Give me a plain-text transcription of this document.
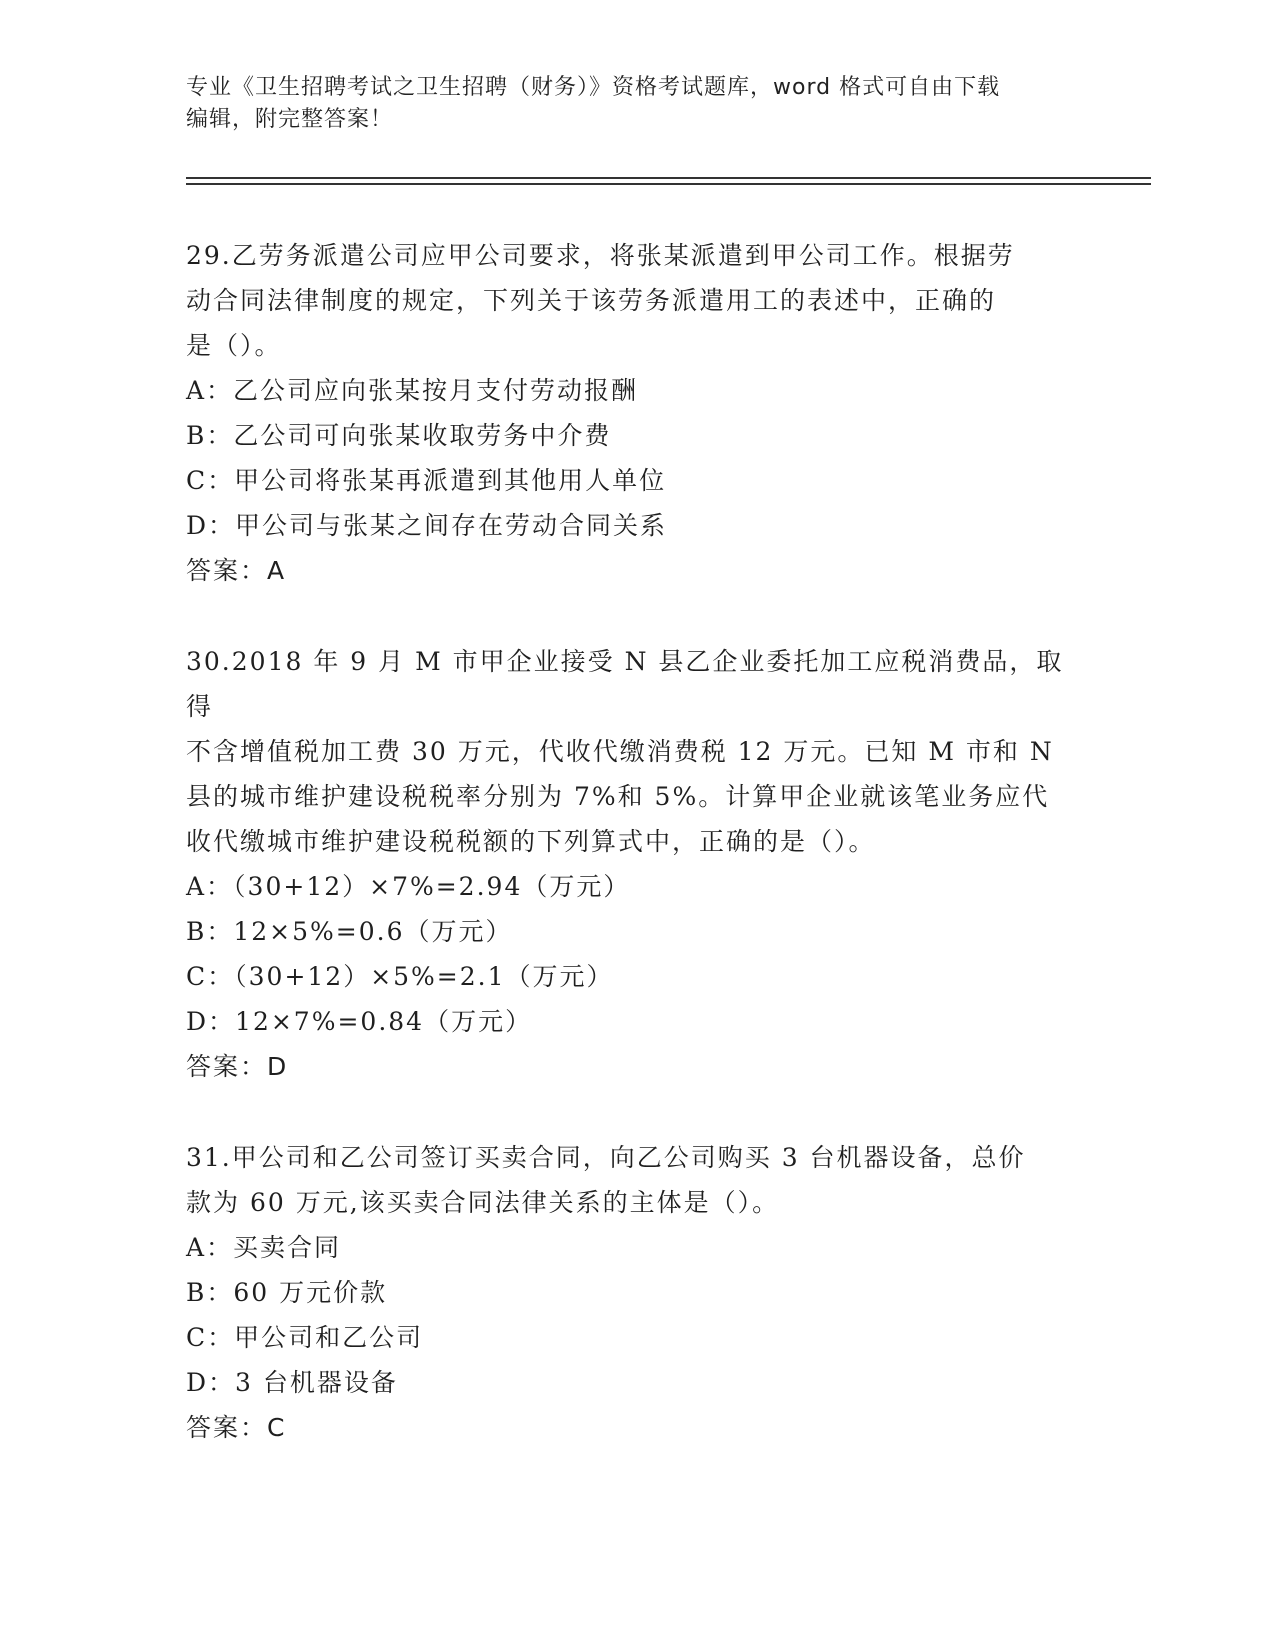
专业《卫生招聘考试之卫生招聘（财务）》资格考试题库，word 格式可自由下载
编辑，附完整答案！
29.乙劳务派遣公司应甲公司要求，将张某派遣到甲公司工作。根据劳
动合同法律制度的规定，下列关于该劳务派遣用工的表述中，正确的
是（）。
A：乙公司应向张某按月支付劳动报酬
B：乙公司可向张某收取劳务中介费
C：甲公司将张某再派遣到其他用人单位
D：甲公司与张某之间存在劳动合同关系
答案：A
30.2018 年 9 月 M 市甲企业接受 N 县乙企业委托加工应税消费品，取得
不含增值税加工费 30 万元，代收代缴消费税 12 万元。已知 M 市和 N
县的城市维护建设税税率分别为 7%和 5%。计算甲企业就该笔业务应代
收代缴城市维护建设税税额的下列算式中，正确的是（）。
A：（30+12）×7%=2.94（万元）
B：12×5%=0.6（万元）
C：（30+12）×5%=2.1（万元）
D：12×7%=0.84（万元）
答案：D
31.甲公司和乙公司签订买卖合同，向乙公司购买 3 台机器设备，总价
款为 60 万元,该买卖合同法律关系的主体是（）。
A：买卖合同
B：60 万元价款
C：甲公司和乙公司
D：3 台机器设备
答案：C
